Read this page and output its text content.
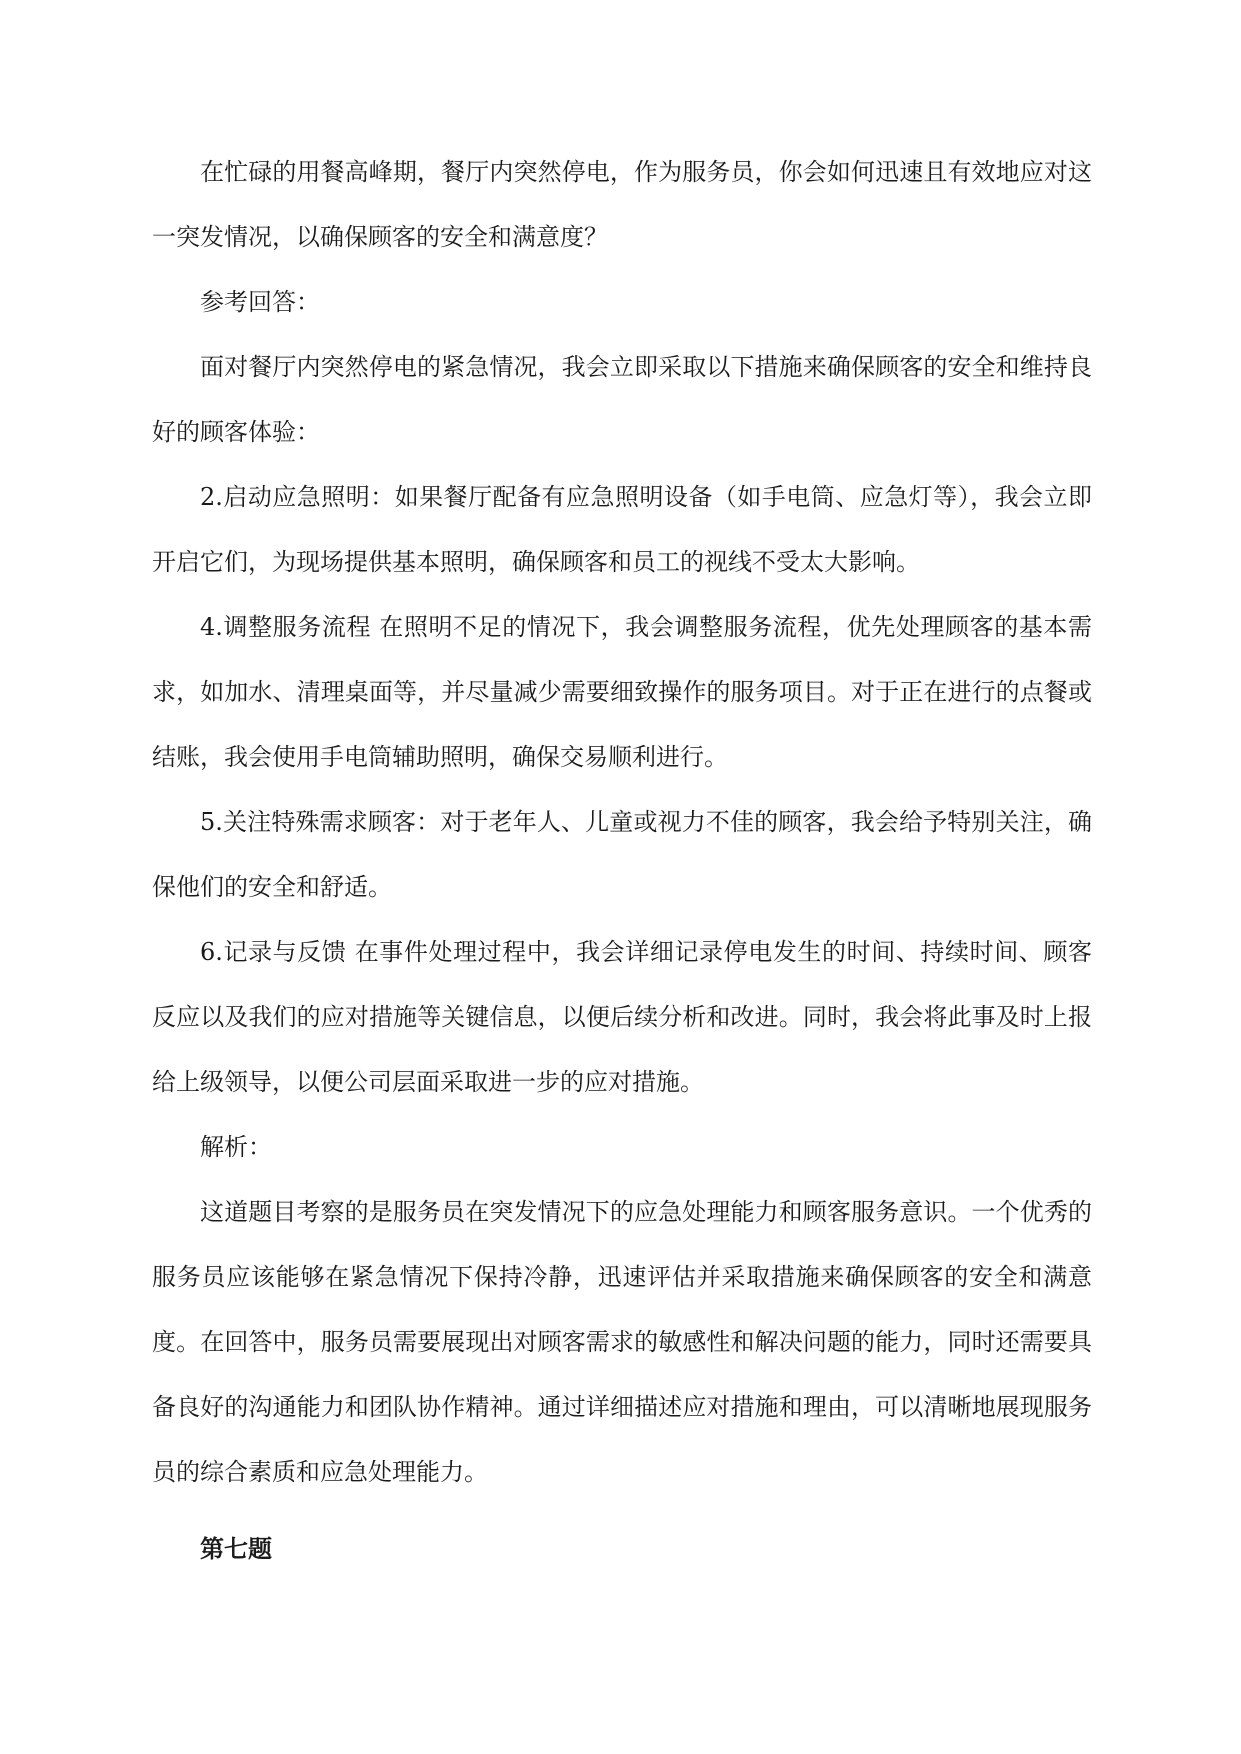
在忙碌的用餐高峰期，餐厅内突然停电，作为服务员，你会如何迅速且有效地应对这一突发情况，以确保顾客的安全和满意度？

参考回答：

面对餐厅内突然停电的紧急情况，我会立即采取以下措施来确保顾客的安全和维持良好的顾客体验：

2.启动应急照明：如果餐厅配备有应急照明设备（如手电筒、应急灯等），我会立即开启它们，为现场提供基本照明，确保顾客和员工的视线不受太大影响。

4.调整服务流程 在照明不足的情况下，我会调整服务流程，优先处理顾客的基本需求，如加水、清理桌面等，并尽量减少需要细致操作的服务项目。对于正在进行的点餐或结账，我会使用手电筒辅助照明，确保交易顺利进行。

5.关注特殊需求顾客：对于老年人、儿童或视力不佳的顾客，我会给予特别关注，确保他们的安全和舒适。

6.记录与反馈 在事件处理过程中，我会详细记录停电发生的时间、持续时间、顾客反应以及我们的应对措施等关键信息，以便后续分析和改进。同时，我会将此事及时上报给上级领导，以便公司层面采取进一步的应对措施。

解析：

这道题目考察的是服务员在突发情况下的应急处理能力和顾客服务意识。一个优秀的服务员应该能够在紧急情况下保持冷静，迅速评估并采取措施来确保顾客的安全和满意度。在回答中，服务员需要展现出对顾客需求的敏感性和解决问题的能力，同时还需要具备良好的沟通能力和团队协作精神。通过详细描述应对措施和理由，可以清晰地展现服务员的综合素质和应急处理能力。

第七题
